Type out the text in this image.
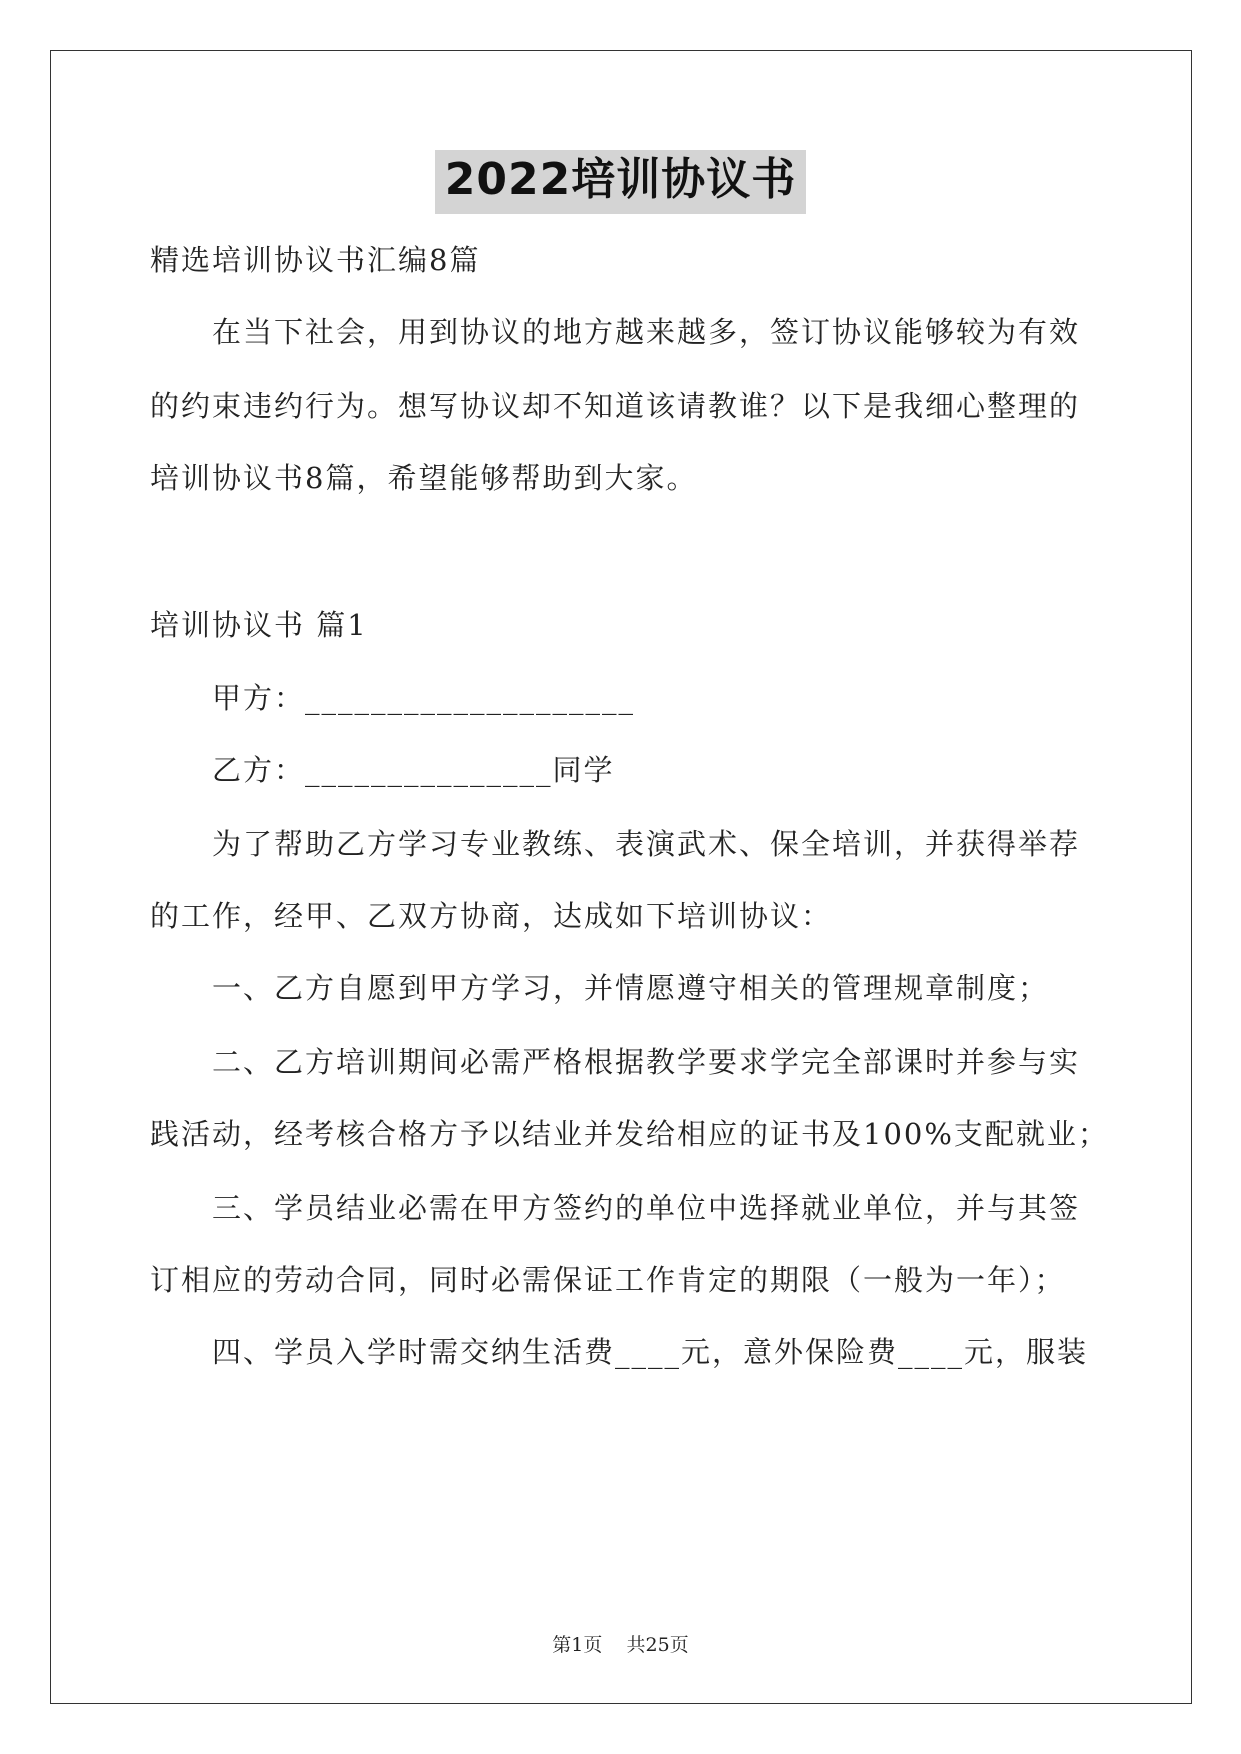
2022培训协议书
精选培训协议书汇编8篇
在当下社会，用到协议的地方越来越多，签订协议能够较为有效
的约束违约行为。想写协议却不知道该请教谁？以下是我细心整理的
培训协议书8篇，希望能够帮助到大家。
培训协议书 篇1
甲方：____________________
乙方：_______________同学
为了帮助乙方学习专业教练、表演武术、保全培训，并获得举荐
的工作，经甲、乙双方协商，达成如下培训协议：
一、乙方自愿到甲方学习，并情愿遵守相关的管理规章制度；
二、乙方培训期间必需严格根据教学要求学完全部课时并参与实
践活动，经考核合格方予以结业并发给相应的证书及100%支配就业；
三、学员结业必需在甲方签约的单位中选择就业单位，并与其签
订相应的劳动合同，同时必需保证工作肯定的期限（一般为一年）；
四、学员入学时需交纳生活费____元，意外保险费____元，服装
第1页 共25页
